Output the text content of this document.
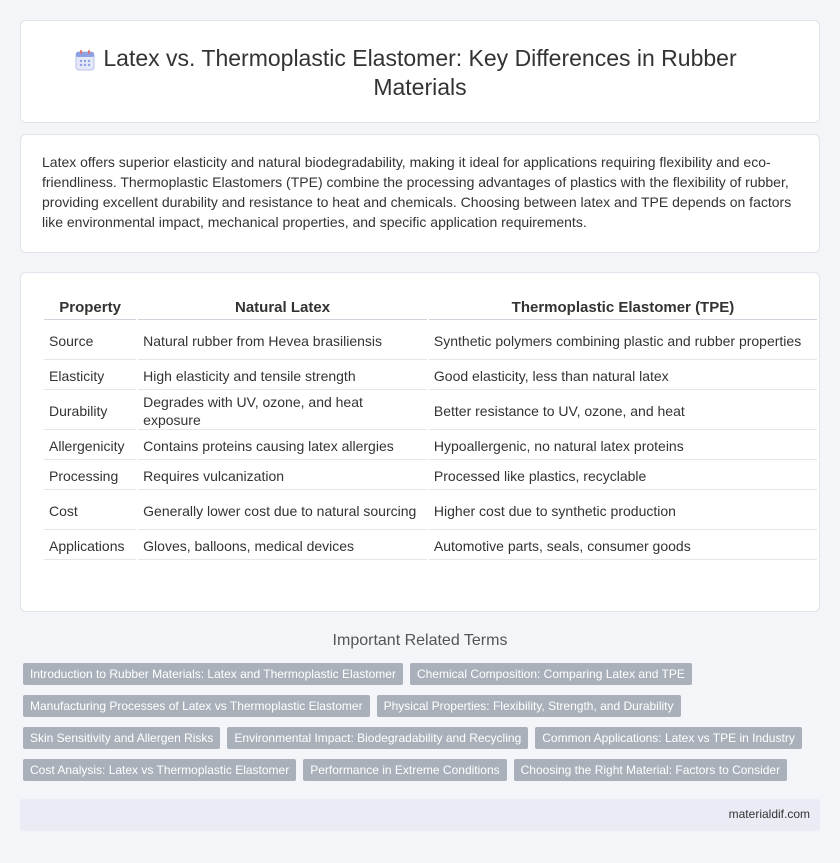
Latex vs. Thermoplastic Elastomer: Key Differences in Rubber Materials

Latex offers superior elasticity and natural biodegradability, making it ideal for applications requiring flexibility and eco-friendliness. Thermoplastic Elastomers (TPE) combine the processing advantages of plastics with the flexibility of rubber, providing excellent durability and resistance to heat and chemicals. Choosing between latex and TPE depends on factors like environmental impact, mechanical properties, and specific application requirements.

Property	Natural Latex	Thermoplastic Elastomer (TPE)
Source	Natural rubber from Hevea brasiliensis	Synthetic polymers combining plastic and rubber properties
Elasticity	High elasticity and tensile strength	Good elasticity, less than natural latex
Durability	Degrades with UV, ozone, and heat exposure	Better resistance to UV, ozone, and heat
Allergenicity	Contains proteins causing latex allergies	Hypoallergenic, no natural latex proteins
Processing	Requires vulcanization	Processed like plastics, recyclable
Cost	Generally lower cost due to natural sourcing	Higher cost due to synthetic production
Applications	Gloves, balloons, medical devices	Automotive parts, seals, consumer goods
Important Related Terms
Introduction to Rubber Materials: Latex and Thermoplastic Elastomer	Chemical Composition: Comparing Latex and TPE
Manufacturing Processes of Latex vs Thermoplastic Elastomer	Physical Properties: Flexibility, Strength, and Durability
Skin Sensitivity and Allergen Risks	Environmental Impact: Biodegradability and Recycling	Common Applications: Latex vs TPE in Industry
Cost Analysis: Latex vs Thermoplastic Elastomer	Performance in Extreme Conditions	Choosing the Right Material: Factors to Consider
materialdif.com
